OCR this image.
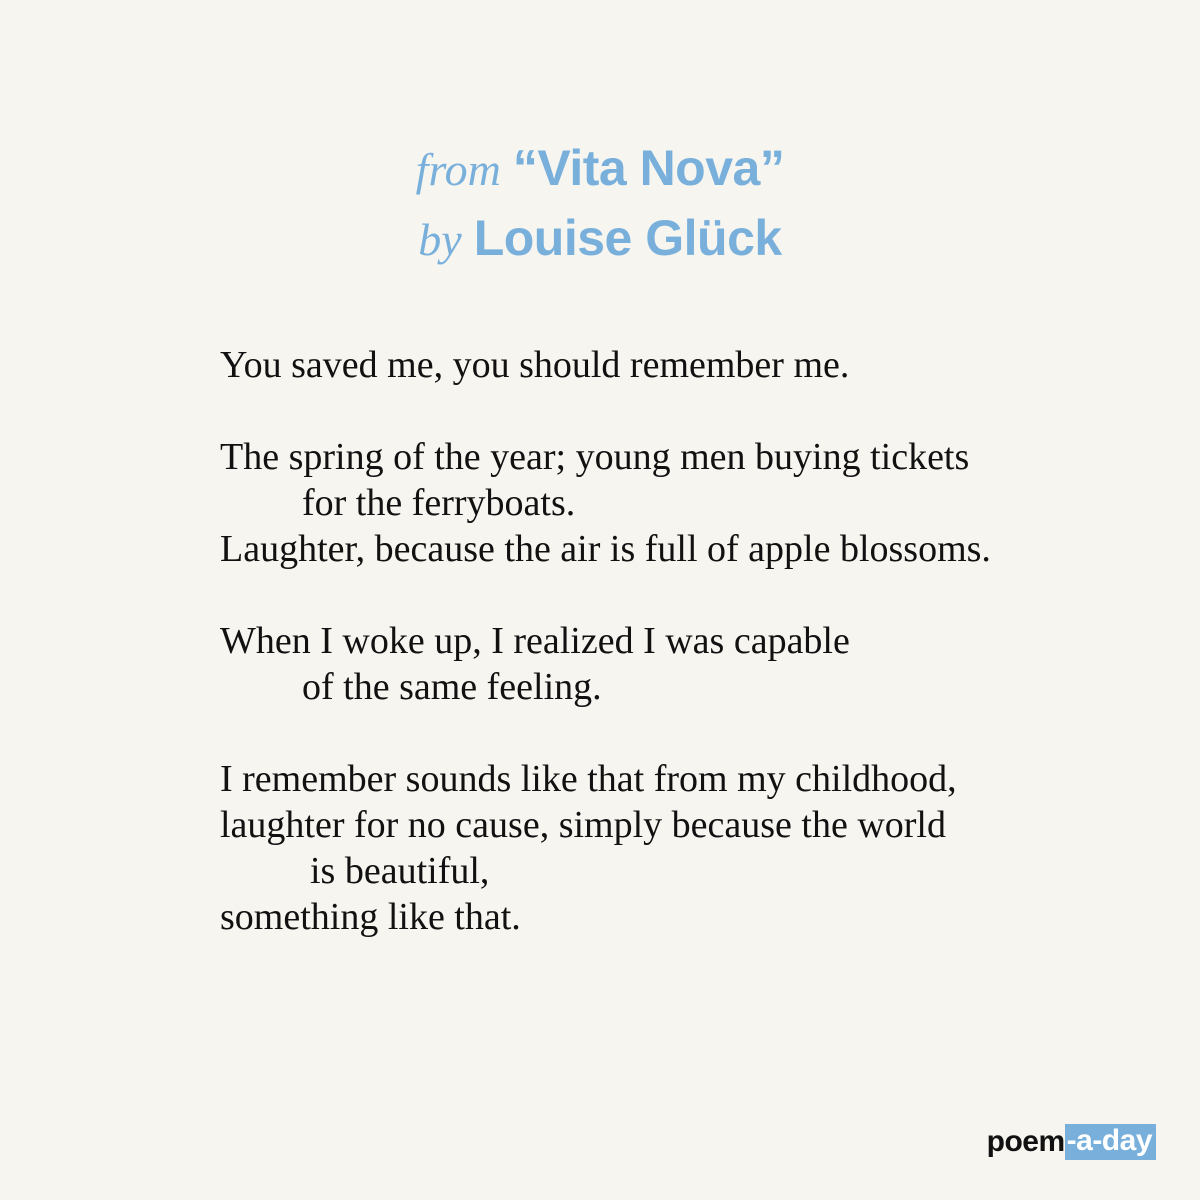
from “Vita Nova”
by Louise Glück
You saved me, you should remember me.
The spring of the year; young men buying tickets
for the ferryboats.
Laughter, because the air is full of apple blossoms.
When I woke up, I realized I was capable
of the same feeling.
I remember sounds like that from my childhood,
laughter for no cause, simply because the world
is beautiful,
something like that.
poem -a-day
